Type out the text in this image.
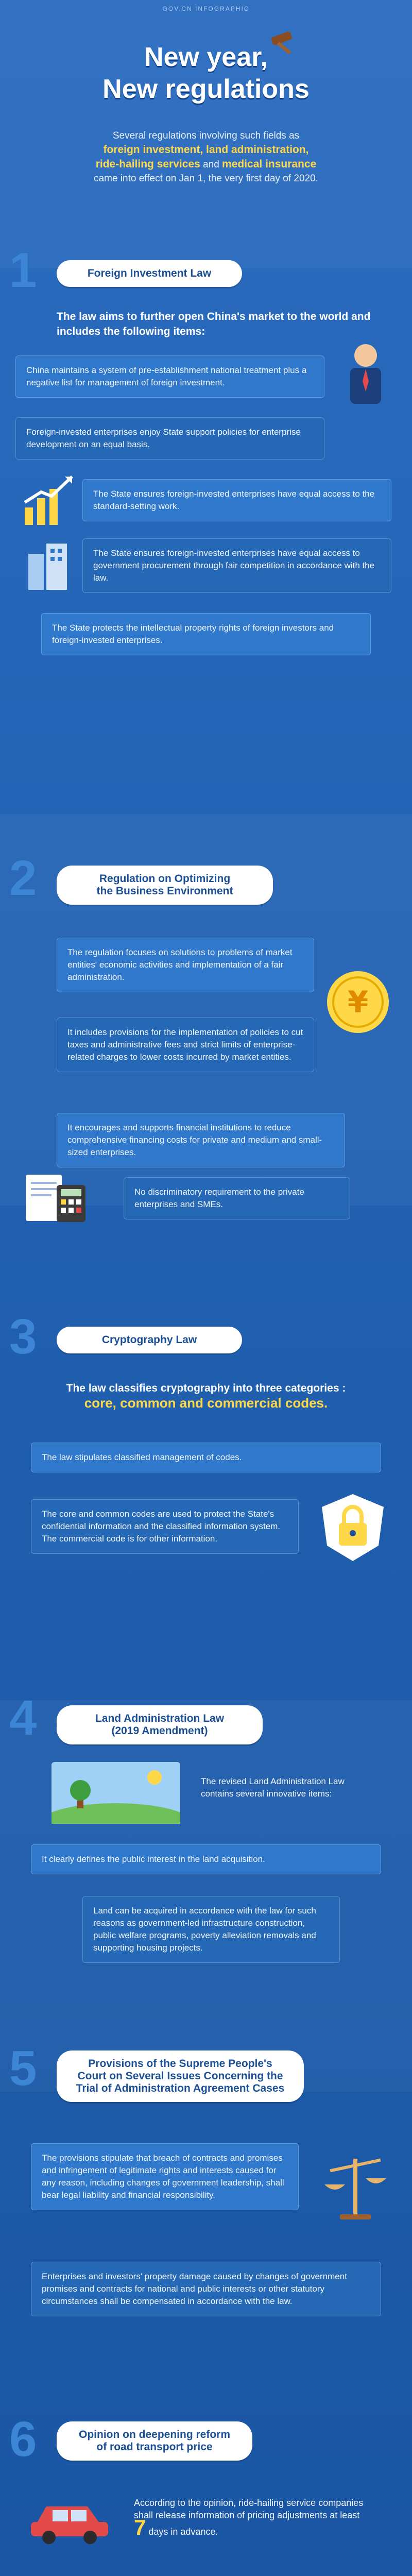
GOV.CN INFOGRAPHIC
New year,
New regulations
Several regulations involving such fields as
foreign investment, land administration,
ride-hailing services and medical insurance
came into effect on Jan 1, the very first day of 2020.
1	Foreign Investment Law
The law aims to further open China's market to the world and includes the following items:
China maintains a system of pre-establishment national treatment plus a negative list for management of foreign investment.
Foreign-invested enterprises enjoy State support policies for enterprise development on an equal basis.
The State ensures foreign-invested enterprises have equal access to the standard-setting work.
The State ensures foreign-invested enterprises have equal access to government procurement through fair competition in accordance with the law.
The State protects the intellectual property rights of foreign investors and foreign-invested enterprises.
2	Regulation on Optimizing
the Business Environment
The regulation focuses on solutions to problems of market entities' economic activities and implementation of a fair administration.
¥
It includes provisions for the implementation of policies to cut taxes and administrative fees and strict limits of enterprise-related charges to lower costs incurred by market entities.
It encourages and supports financial institutions to reduce comprehensive financing costs for private and medium and small-sized enterprises.
No discriminatory requirement to the private enterprises and SMEs.
3	Cryptography Law
The law classifies cryptography into three categories :
core, common and commercial codes.
The law stipulates classified management of codes.
The core and common codes are used to protect the State's confidential information and the classified information system. The commercial code is for other information.
4	Land Administration Law
(2019 Amendment)
The revised Land Administration Law contains several innovative items:
It clearly defines the public interest in the land acquisition.
Land can be acquired in accordance with the law for such reasons as government-led infrastructure construction, public welfare programs, poverty alleviation removals and supporting housing projects.
5	Provisions of the Supreme People's
Court on Several Issues Concerning the
Trial of Administration Agreement Cases
The provisions stipulate that breach of contracts and promises and infringement of legitimate rights and interests caused for any reason, including changes of government leadership, shall bear legal liability and financial responsibility.
Enterprises and investors' property damage caused by changes of government promises and contracts for national and public interests or other statutory circumstances shall be compensated in accordance with the law.
6	Opinion on deepening reform
of road transport price
According to the opinion, ride-hailing service companies shall release information of pricing adjustments at least 7 days in advance.
